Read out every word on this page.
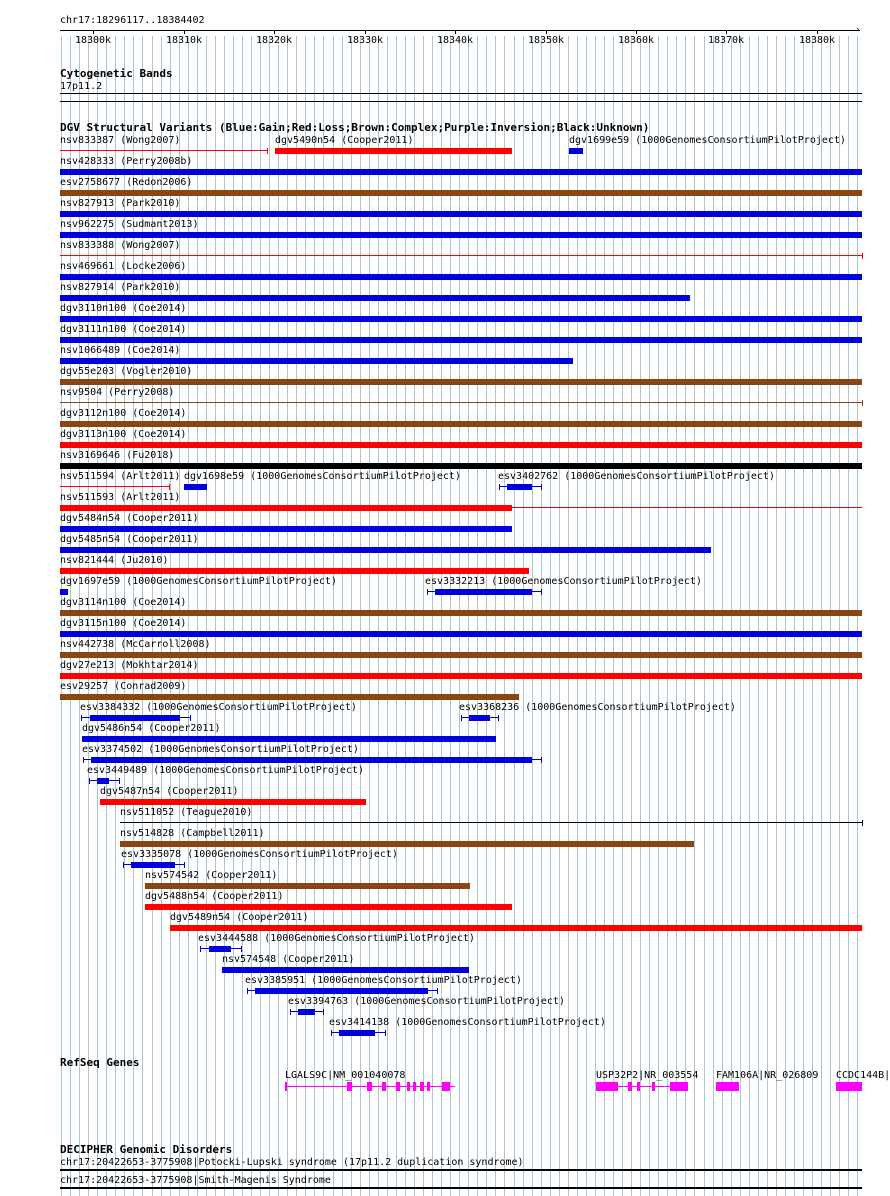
chr17:18296117..18384402
›
18300k	18310k	18320k	18330k	18340k	18350k	18360k	18370k	18380k
Cytogenetic Bands
17p11.2
DGV Structural Variants (Blue:Gain;Red:Loss;Brown:Complex;Purple:Inversion;Black:Unknown)
nsv833387 (Wong2007)	dgv5490n54 (Cooper2011)	dgv1699e59 (1000GenomesConsortiumPilotProject)
nsv428333 (Perry2008b)
esv2758677 (Redon2006)
nsv827913 (Park2010)
nsv962275 (Sudmant2013)
nsv833388 (Wong2007)
nsv469661 (Locke2006)
nsv827914 (Park2010)
dgv3110n100 (Coe2014)
dgv3111n100 (Coe2014)
nsv1066489 (Coe2014)
dgv55e203 (Vogler2010)
nsv9504 (Perry2008)
dgv3112n100 (Coe2014)
dgv3113n100 (Coe2014)
nsv3169646 (Fu2018)
nsv511594 (Arlt2011) dgv1698e59 (1000GenomesConsortiumPilotProject)	esv3402762 (1000GenomesConsortiumPilotProject)
nsv511593 (Arlt2011)
dgv5484n54 (Cooper2011)
dgv5485n54 (Cooper2011)
nsv821444 (Ju2010)
dgv1697e59 (1000GenomesConsortiumPilotProject)	esv3332213 (1000GenomesConsortiumPilotProject)
dgv3114n100 (Coe2014)
dgv3115n100 (Coe2014)
nsv442738 (McCarroll2008)
dgv27e213 (Mokhtar2014)
esv29257 (Conrad2009)
esv3384332 (1000GenomesConsortiumPilotProject)	esv3368236 (1000GenomesConsortiumPilotProject)
dgv5486n54 (Cooper2011)
esv3374502 (1000GenomesConsortiumPilotProject)
esv3449489 (1000GenomesConsortiumPilotProject)
dgv5487n54 (Cooper2011)
nsv511052 (Teague2010)
nsv514828 (Campbell2011)
esv3335078 (1000GenomesConsortiumPilotProject)
nsv574542 (Cooper2011)
dgv5488n54 (Cooper2011)
dgv5489n54 (Cooper2011)
esv3444588 (1000GenomesConsortiumPilotProject)
nsv574548 (Cooper2011)
esv3385951 (1000GenomesConsortiumPilotProject)
esv3394763 (1000GenomesConsortiumPilotProject)
esv3414138 (1000GenomesConsortiumPilotProject)
RefSeq Genes
LGALS9C|NM_001040078	USP32P2|NR_003554 FAM106A|NR_026809 CCDC144B|
DECIPHER Genomic Disorders
chr17:20422653-3775908|Potocki-Lupski syndrome (17p11.2 duplication syndrome)
chr17:20422653-3775908|Smith-Magenis Syndrome
